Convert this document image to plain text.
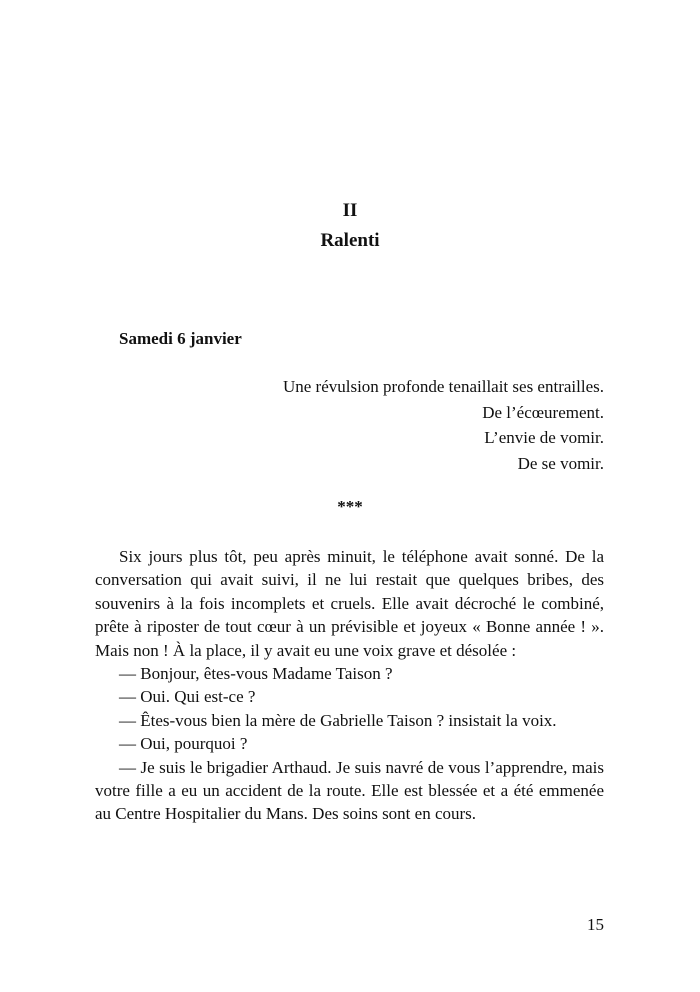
II
Ralenti
Samedi 6 janvier
Une révulsion profonde tenaillait ses entrailles.
De l’écœurement.
L’envie de vomir.
De se vomir.
***

Six jours plus tôt, peu après minuit, le téléphone avait sonné. De la conversation qui avait suivi, il ne lui restait que quelques bribes, des souvenirs à la fois incomplets et cruels. Elle avait décroché le combiné, prête à riposter de tout cœur à un prévisible et joyeux « Bonne année ! ». Mais non ! À la place, il y avait eu une voix grave et désolée :

— Bonjour, êtes-vous Madame Taison ?

— Oui. Qui est-ce ?

— Êtes-vous bien la mère de Gabrielle Taison ? insistait la voix.

— Oui, pourquoi ?

— Je suis le brigadier Arthaud. Je suis navré de vous l’apprendre, mais votre fille a eu un accident de la route. Elle est blessée et a été emmenée au Centre Hospitalier du Mans. Des soins sont en cours.

15
